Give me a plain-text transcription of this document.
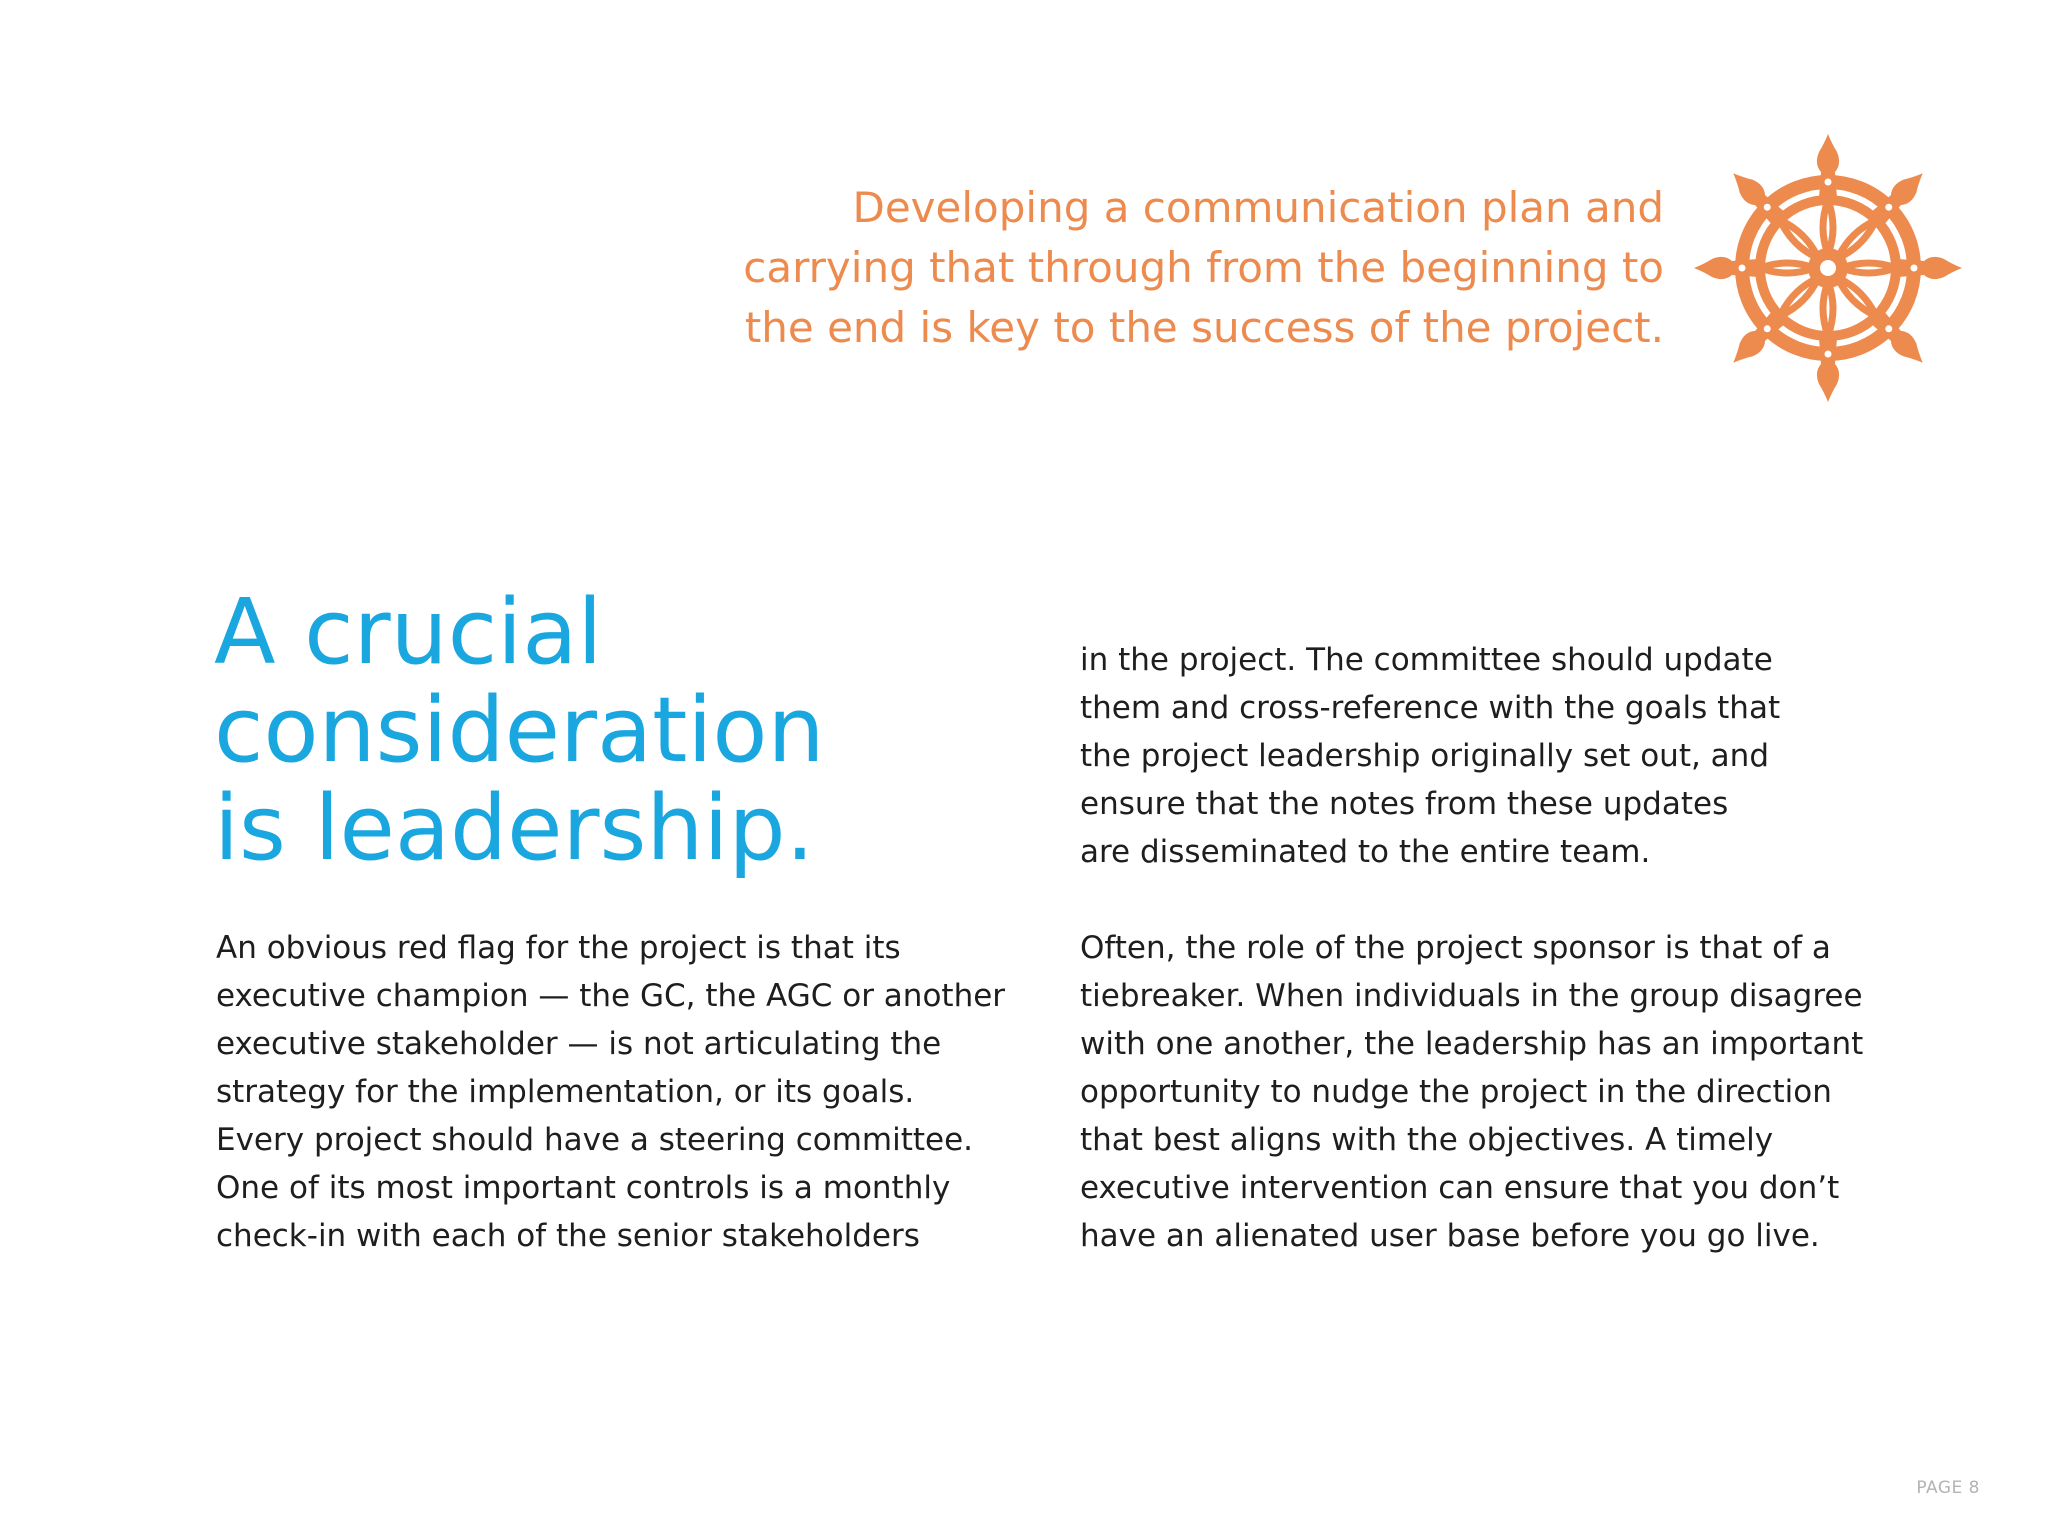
Developing a communication plan and
carrying that through from the beginning to
the end is key to the success of the project.

A crucial
consideration
is leadership.

An obvious red flag for the project is that its
executive champion — the GC, the AGC or another
executive stakeholder — is not articulating the
strategy for the implementation, or its goals.
Every project should have a steering committee.
One of its most important controls is a monthly
check-in with each of the senior stakeholders

in the project. The committee should update
them and cross-reference with the goals that
the project leadership originally set out, and
ensure that the notes from these updates
are disseminated to the entire team.

Often, the role of the project sponsor is that of a
tiebreaker. When individuals in the group disagree
with one another, the leadership has an important
opportunity to nudge the project in the direction
that best aligns with the objectives. A timely
executive intervention can ensure that you don’t
have an alienated user base before you go live.

PAGE 8
